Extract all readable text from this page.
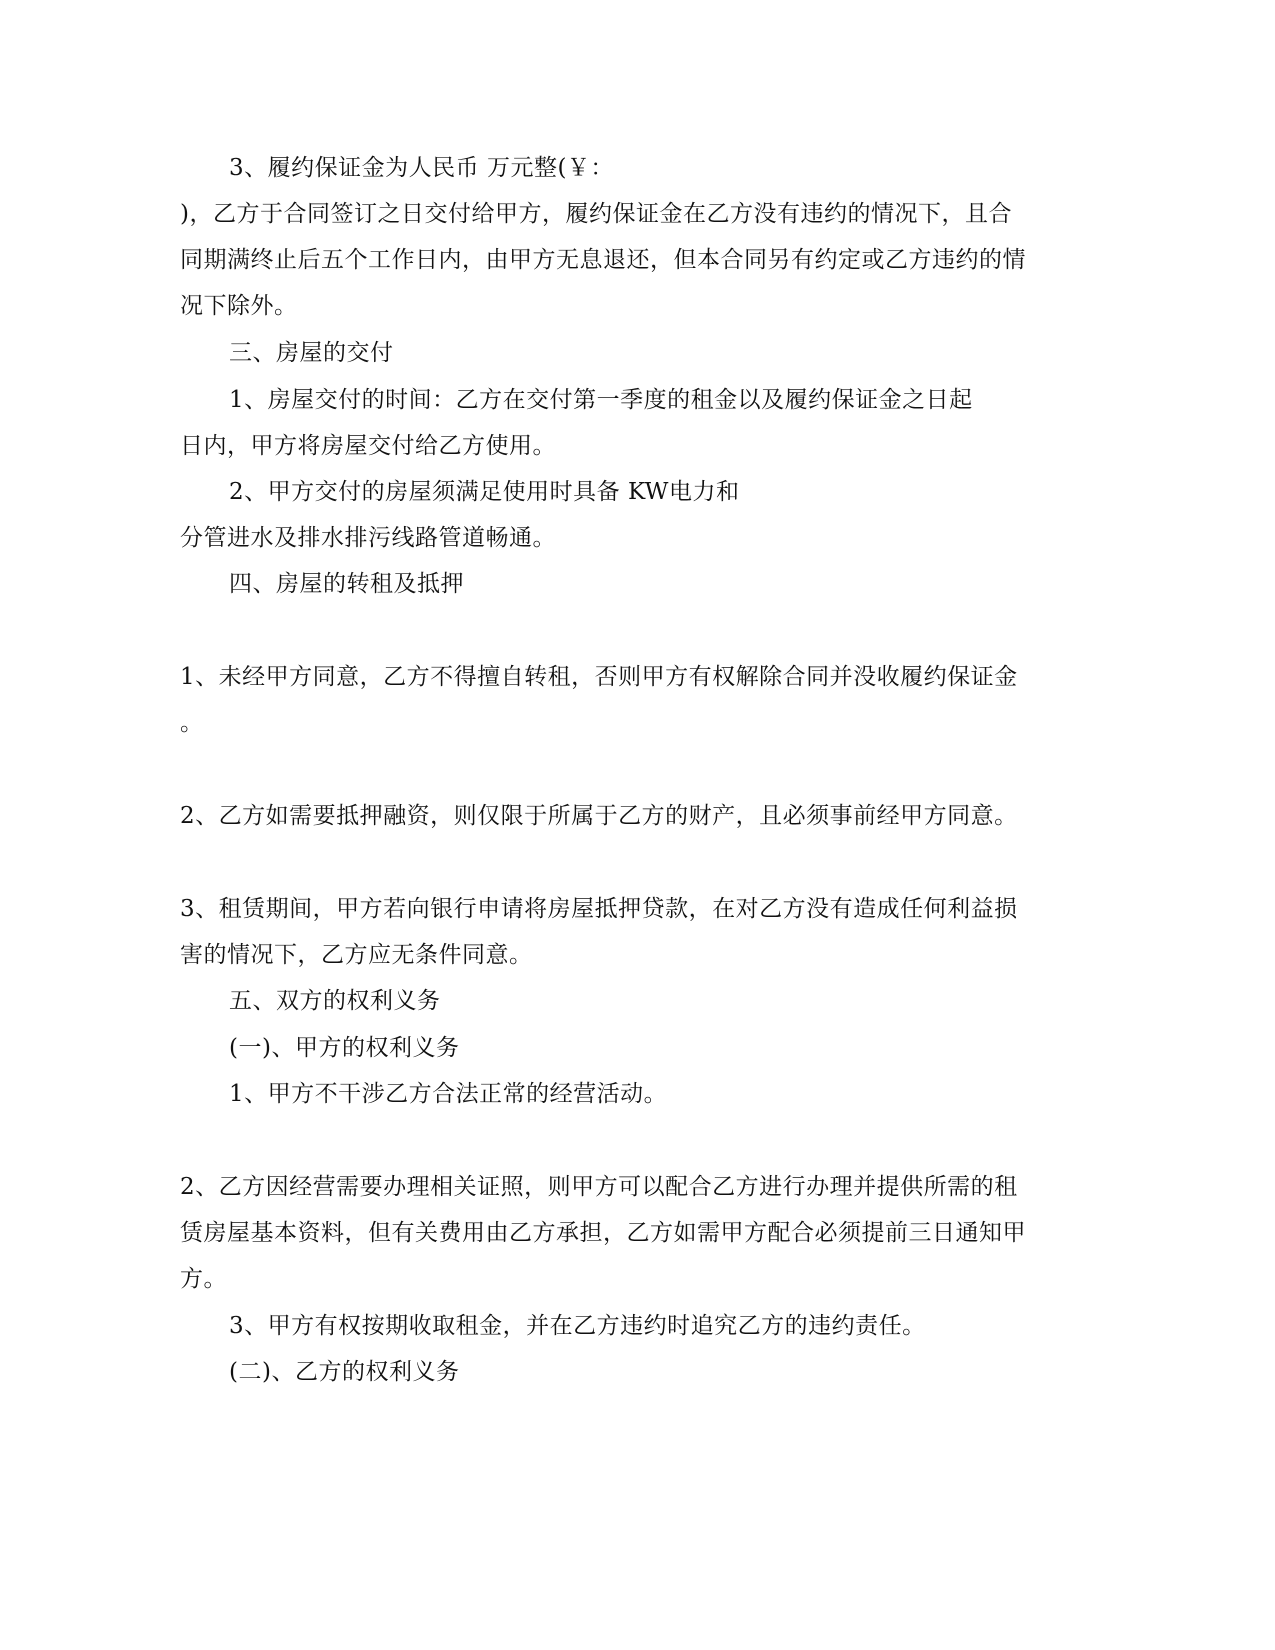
3、履约保证金为人民币 万元整(￥：
)，乙方于合同签订之日交付给甲方，履约保证金在乙方没有违约的情况下，且合
同期满终止后五个工作日内，由甲方无息退还，但本合同另有约定或乙方违约的情
况下除外。
三、房屋的交付
1、房屋交付的时间：乙方在交付第一季度的租金以及履约保证金之日起
日内，甲方将房屋交付给乙方使用。
2、甲方交付的房屋须满足使用时具备 KW电力和
分管进水及排水排污线路管道畅通。
四、房屋的转租及抵押
1、未经甲方同意，乙方不得擅自转租，否则甲方有权解除合同并没收履约保证金
。
2、乙方如需要抵押融资，则仅限于所属于乙方的财产，且必须事前经甲方同意。
3、租赁期间，甲方若向银行申请将房屋抵押贷款，在对乙方没有造成任何利益损
害的情况下，乙方应无条件同意。
五、双方的权利义务
(一)、甲方的权利义务
1、甲方不干涉乙方合法正常的经营活动。
2、乙方因经营需要办理相关证照，则甲方可以配合乙方进行办理并提供所需的租
赁房屋基本资料，但有关费用由乙方承担，乙方如需甲方配合必须提前三日通知甲
方。
3、甲方有权按期收取租金，并在乙方违约时追究乙方的违约责任。
(二)、乙方的权利义务
